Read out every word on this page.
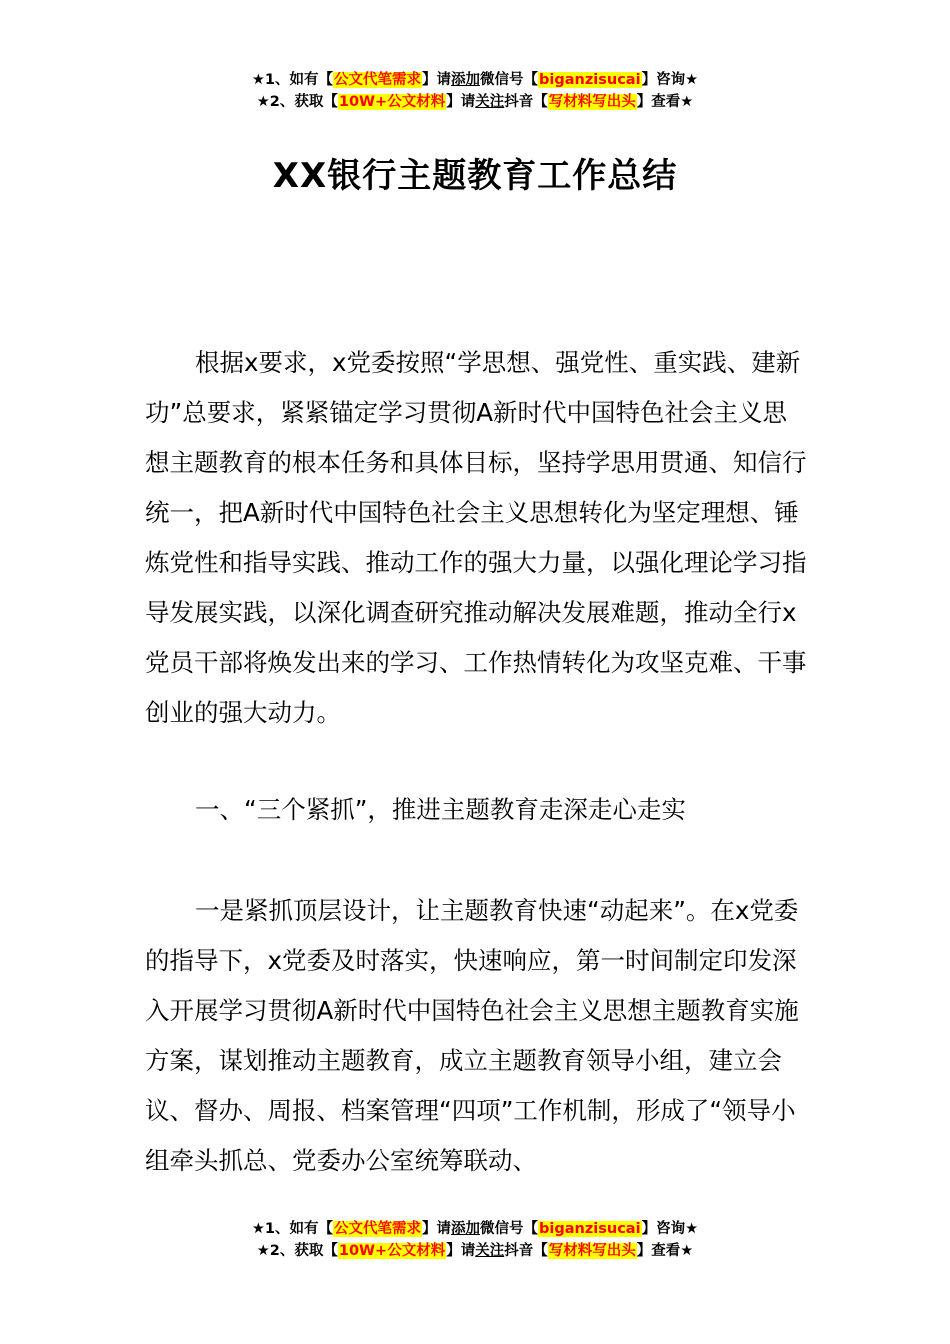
★1、如有【公文代笔需求】请添加微信号【biganzisucai】咨询★
★2、获取【10W+公文材料】请关注抖音【写材料写出头】查看★
XX银行主题教育工作总结

根据x要求，x党委按照“学思想、强党性、重实践、建新功”总要求，紧紧锚定学习贯彻A新时代中国特色社会主义思想主题教育的根本任务和具体目标，坚持学思用贯通、知信行统一，把A新时代中国特色社会主义思想转化为坚定理想、锤炼党性和指导实践、推动工作的强大力量，以强化理论学习指导发展实践，以深化调查研究推动解决发展难题，推动全行x党员干部将焕发出来的学习、工作热情转化为攻坚克难、干事创业的强大动力。

一、“三个紧抓”，推进主题教育走深走心走实

一是紧抓顶层设计，让主题教育快速“动起来”。在x党委的指导下，x党委及时落实，快速响应，第一时间制定印发深入开展学习贯彻A新时代中国特色社会主义思想主题教育实施方案，谋划推动主题教育，成立主题教育领导小组，建立会议、督办、周报、档案管理“四项”工作机制，形成了“领导小组牵头抓总、党委办公室统筹联动、

★1、如有【公文代笔需求】请添加微信号【biganzisucai】咨询★
★2、获取【10W+公文材料】请关注抖音【写材料写出头】查看★
